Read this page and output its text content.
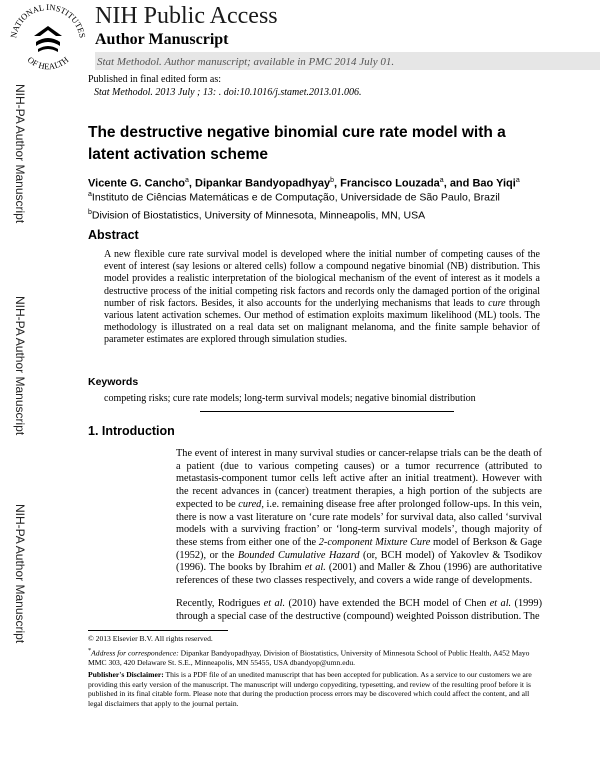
NATIONAL INSTITUTES
OF HEALTH
NIH Public Access
Author Manuscript
Stat Methodol. Author manuscript; available in PMC 2014 July 01.
Published in final edited form as:
Stat Methodol. 2013 July ; 13: . doi:10.1016/j.stamet.2013.01.006.
NIH-PA Author Manuscript
NIH-PA Author Manuscript
NIH-PA Author Manuscript
The destructive negative binomial cure rate model with a latent activation scheme
Vicente G. Cancho$^a$, Dipankar Bandyopadhyay$^b$, Francisco Louzada$^a$, and Bao Yiqi$^a$
$^a$Instituto de Ciências Matemáticas e de Computação, Universidade de São Paulo, Brazil
$^b$Division of Biostatistics, University of Minnesota, Minneapolis, MN, USA
Abstract
A new flexible cure rate survival model is developed where the initial number of competing causes of the event of interest (say lesions or altered cells) follow a compound negative binomial (NB) distribution. This model provides a realistic interpretation of the biological mechanism of the event of interest as it models a destructive process of the initial competing risk factors and records only the damaged portion of the original number of risk factors. Besides, it also accounts for the underlying mechanisms that leads to cure through various latent activation schemes. Our method of estimation exploits maximum likelihood (ML) tools. The methodology is illustrated on a real data set on malignant melanoma, and the finite sample behavior of parameter estimates are explored through simulation studies.
Keywords
competing risks; cure rate models; long-term survival models; negative binomial distribution
1. Introduction
The event of interest in many survival studies or cancer-relapse trials can be the death of a patient (due to various competing causes) or a tumor recurrence (attributed to metastasis-component tumor cells left active after an initial treatment). However with the recent advances in (cancer) treatment therapies, a high portion of the subjects are expected to be cured, i.e. remaining disease free after prolonged follow-ups. In this vein, there is now a vast literature on ‘cure rate models’ for survival data, also called ‘survival models with a surviving fraction’ or ‘long-term survival models’, though majority of these stems from either one of the 2-component Mixture Cure model of Berkson & Gage (1952), or the Bounded Cumulative Hazard (or, BCH model) of Yakovlev & Tsodikov (1996). The books by Ibrahim et al. (2001) and Maller & Zhou (1996) are authoritative references of these two classes respectively, and covers a wide range of developments.
Recently, Rodrigues et al. (2010) have extended the BCH model of Chen et al. (1999) through a special case of the destructive (compound) weighted Poisson distribution. The
© 2013 Elsevier B.V. All rights reserved.
*Address for correspondence: Dipankar Bandyopadhyay, Division of Biostatistics, University of Minnesota School of Public Health, A452 Mayo MMC 303, 420 Delaware St. S.E., Minneapolis, MN 55455, USA dbandyop@umn.edu.
Publisher's Disclaimer: This is a PDF file of an unedited manuscript that has been accepted for publication. As a service to our customers we are providing this early version of the manuscript. The manuscript will undergo copyediting, typesetting, and review of the resulting proof before it is published in its final citable form. Please note that during the production process errors may be discovered which could affect the content, and all legal disclaimers that apply to the journal pertain.
